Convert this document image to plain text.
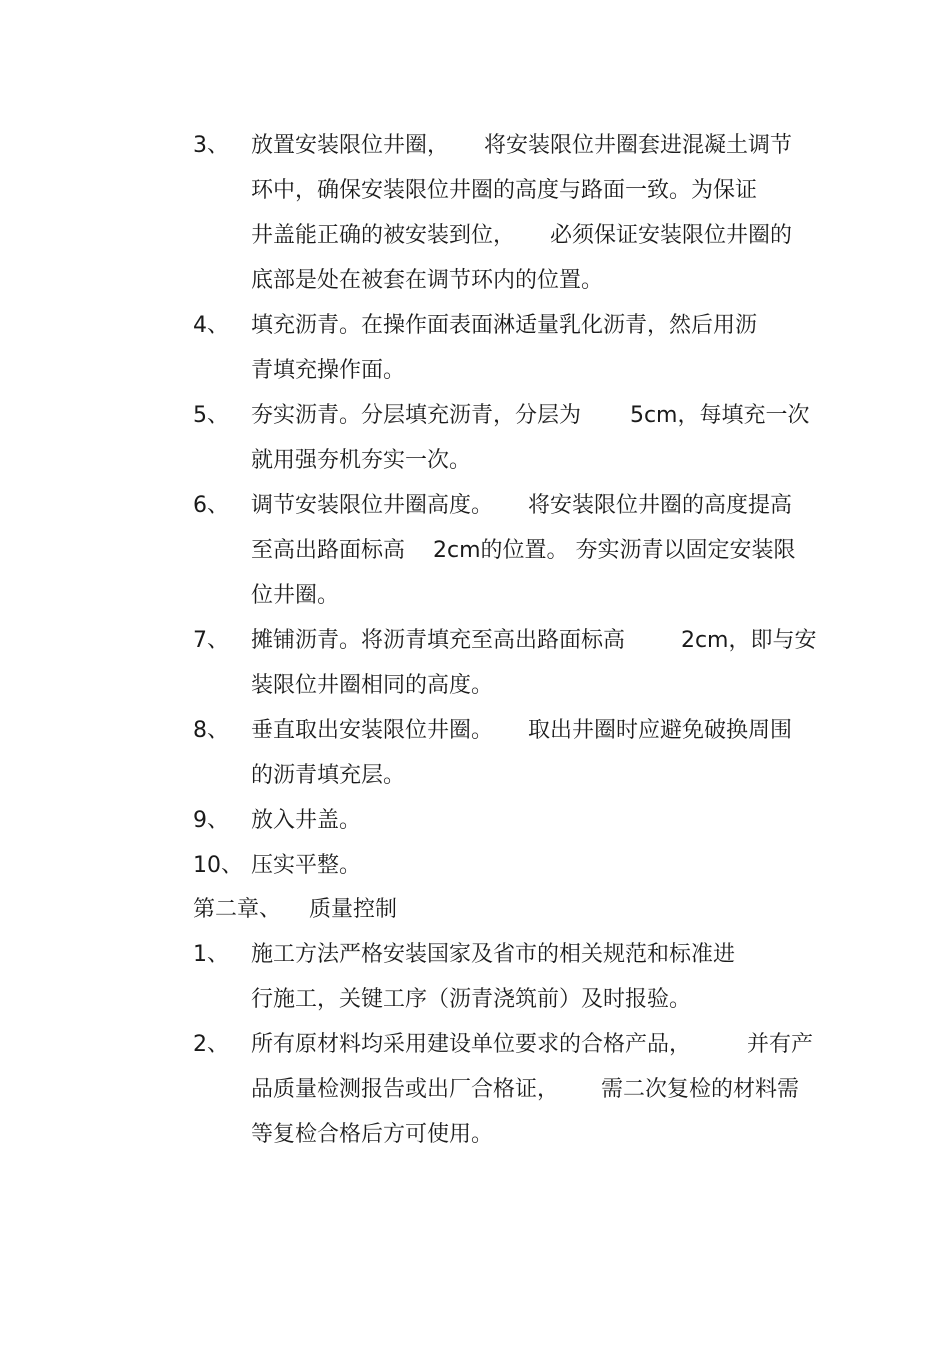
3、 放置安装限位井圈，     将安装限位井圈套进混凝土调节
环中，确保安装限位井圈的高度与路面一致。为保证
井盖能正确的被安装到位，     必须保证安装限位井圈的
底部是处在被套在调节环内的位置。
4、 填充沥青。在操作面表面淋适量乳化沥青，然后用沥
青填充操作面。
5、 夯实沥青。分层填充沥青，分层为       5cm，每填充一次
就用强夯机夯实一次。
6、 调节安装限位井圈高度。     将安装限位井圈的高度提高
至高出路面标高    2cm的位置。 夯实沥青以固定安装限
位井圈。
7、 摊铺沥青。将沥青填充至高出路面标高        2cm，即与安
装限位井圈相同的高度。
8、 垂直取出安装限位井圈。     取出井圈时应避免破换周围
的沥青填充层。
9、 放入井盖。
10、 压实平整。
第二章、 质量控制
1、 施工方法严格安装国家及省市的相关规范和标准进
行施工，关键工序（沥青浇筑前）及时报验。
2、 所有原材料均采用建设单位要求的合格产品，        并有产
品质量检测报告或出厂合格证，      需二次复检的材料需
等复检合格后方可使用。
